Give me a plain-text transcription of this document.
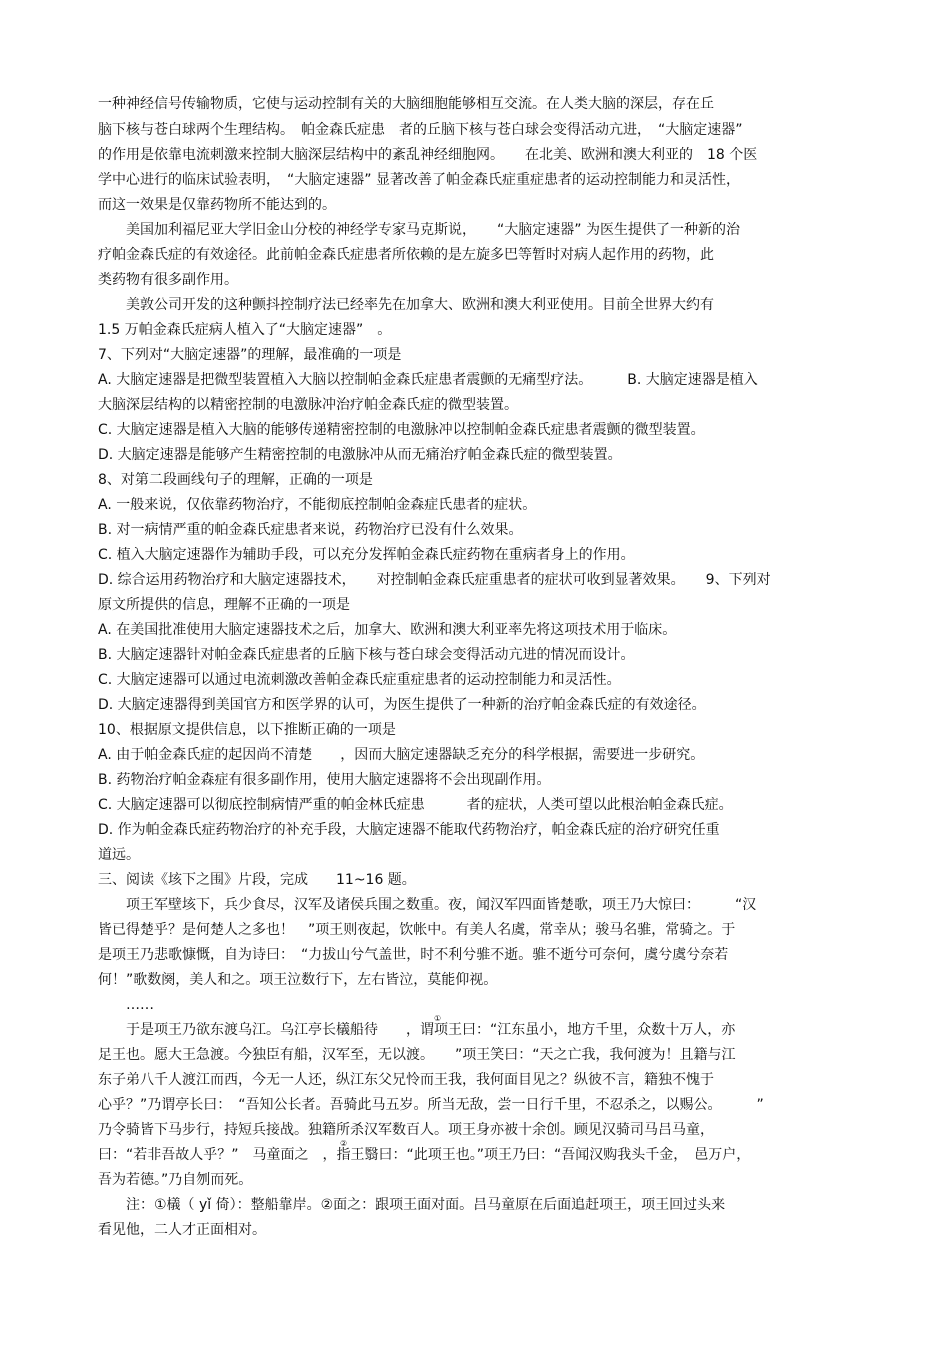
一种神经信号传输物质，它使与运动控制有关的大脑细胞能够相互交流。在人类大脑的深层，存在丘
脑下核与苍白球两个生理结构。　帕金森氏症患　者的丘脑下核与苍白球会变得活动亢进，　“大脑定速器”
的作用是依靠电流刺激来控制大脑深层结构中的紊乱神经细胞网。　　在北美、欧洲和澳大利亚的　18 个医
学中心进行的临床试验表明，　“大脑定速器” 显著改善了帕金森氏症重症患者的运动控制能力和灵活性，
而这一效果是仅靠药物所不能达到的。
　　美国加利福尼亚大学旧金山分校的神经学专家马克斯说，　　“大脑定速器” 为医生提供了一种新的治
疗帕金森氏症的有效途径。此前帕金森氏症患者所依赖的是左旋多巴等暂时对病人起作用的药物，此
类药物有很多副作用。
　　美敦公司开发的这种颤抖控制疗法已经率先在加拿大、欧洲和澳大利亚使用。目前全世界大约有
1.5 万帕金森氏症病人植入了“大脑定速器”　。
7、下列对“大脑定速器”的理解，最准确的一项是
A. 大脑定速器是把微型装置植入大脑以控制帕金森氏症患者震颤的无痛型疗法。　　　B. 大脑定速器是植入
大脑深层结构的以精密控制的电激脉冲治疗帕金森氏症的微型装置。
C. 大脑定速器是植入大脑的能够传递精密控制的电激脉冲以控制帕金森氏症患者震颤的微型装置。
D. 大脑定速器是能够产生精密控制的电激脉冲从而无痛治疗帕金森氏症的微型装置。
8、对第二段画线句子的理解，正确的一项是
A. 一般来说，仅依靠药物治疗，不能彻底控制帕金森症氏患者的症状。
B. 对一病情严重的帕金森氏症患者来说，药物治疗已没有什么效果。
C. 植入大脑定速器作为辅助手段，可以充分发挥帕金森氏症药物在重病者身上的作用。
D. 综合运用药物治疗和大脑定速器技术，　　对控制帕金森氏症重患者的症状可收到显著效果。　　9、下列对
原文所提供的信息，理解不正确的一项是
A. 在美国批准使用大脑定速器技术之后，加拿大、欧洲和澳大利亚率先将这项技术用于临床。
B. 大脑定速器针对帕金森氏症患者的丘脑下核与苍白球会变得活动亢进的情况而设计。
C. 大脑定速器可以通过电流刺激改善帕金森氏症重症患者的运动控制能力和灵活性。
D. 大脑定速器得到美国官方和医学界的认可，为医生提供了一种新的治疗帕金森氏症的有效途径。
10、根据原文提供信息，以下推断正确的一项是
A. 由于帕金森氏症的起因尚不清楚　　，因而大脑定速器缺乏充分的科学根据，需要进一步研究。
B. 药物治疗帕金森症有很多副作用，使用大脑定速器将不会出现副作用。
C. 大脑定速器可以彻底控制病情严重的帕金林氏症患　　　者的症状，人类可望以此根治帕金森氏症。
D. 作为帕金森氏症药物治疗的补充手段，大脑定速器不能取代药物治疗，帕金森氏症的治疗研究任重
道远。
三、阅读《垓下之围》片段，完成　　11~16 题。
　　项王军壁垓下，兵少食尽，汉军及诸侯兵围之数重。夜，闻汉军四面皆楚歌，项王乃大惊曰：　　　“汉
皆已得楚乎？是何楚人之多也！　”项王则夜起，饮帐中。有美人名虞，常幸从；骏马名骓，常骑之。于
是项王乃悲歌慷慨，自为诗曰：　“力拔山兮气盖世，时不利兮骓不逝。骓不逝兮可奈何，虞兮虞兮奈若
何！”歌数阕，美人和之。项王泣数行下，左右皆泣，莫能仰视。
　　……
　　于是项王乃欲东渡乌江。乌江亭长檥船待　　，谓项王曰：“江东虽小，地方千里，众数十万人，亦
足王也。愿大王急渡。今独臣有船，汉军至，无以渡。　　”项王笑曰：“天之亡我，我何渡为！且籍与江
东子弟八千人渡江而西，今无一人还，纵江东父兄怜而王我，我何面目见之？纵彼不言，籍独不愧于
心乎？”乃谓亭长曰：　“吾知公长者。吾骑此马五岁。所当无敌，尝一日行千里，不忍杀之，以赐公。　　　”
乃令骑皆下马步行，持短兵接战。独籍所杀汉军数百人。项王身亦被十余创。顾见汉骑司马吕马童，
曰：“若非吾故人乎？”　马童面之　，指王翳曰：“此项王也。”项王乃曰：“吾闻汉购我头千金，　邑万户，
吾为若德。”乃自刎而死。
　　注：①檥（ yǐ 倚）：整船靠岸。②面之：跟项王面对面。吕马童原在后面追赶项王，项王回过头来
看见他，二人才正面相对。
①
②
